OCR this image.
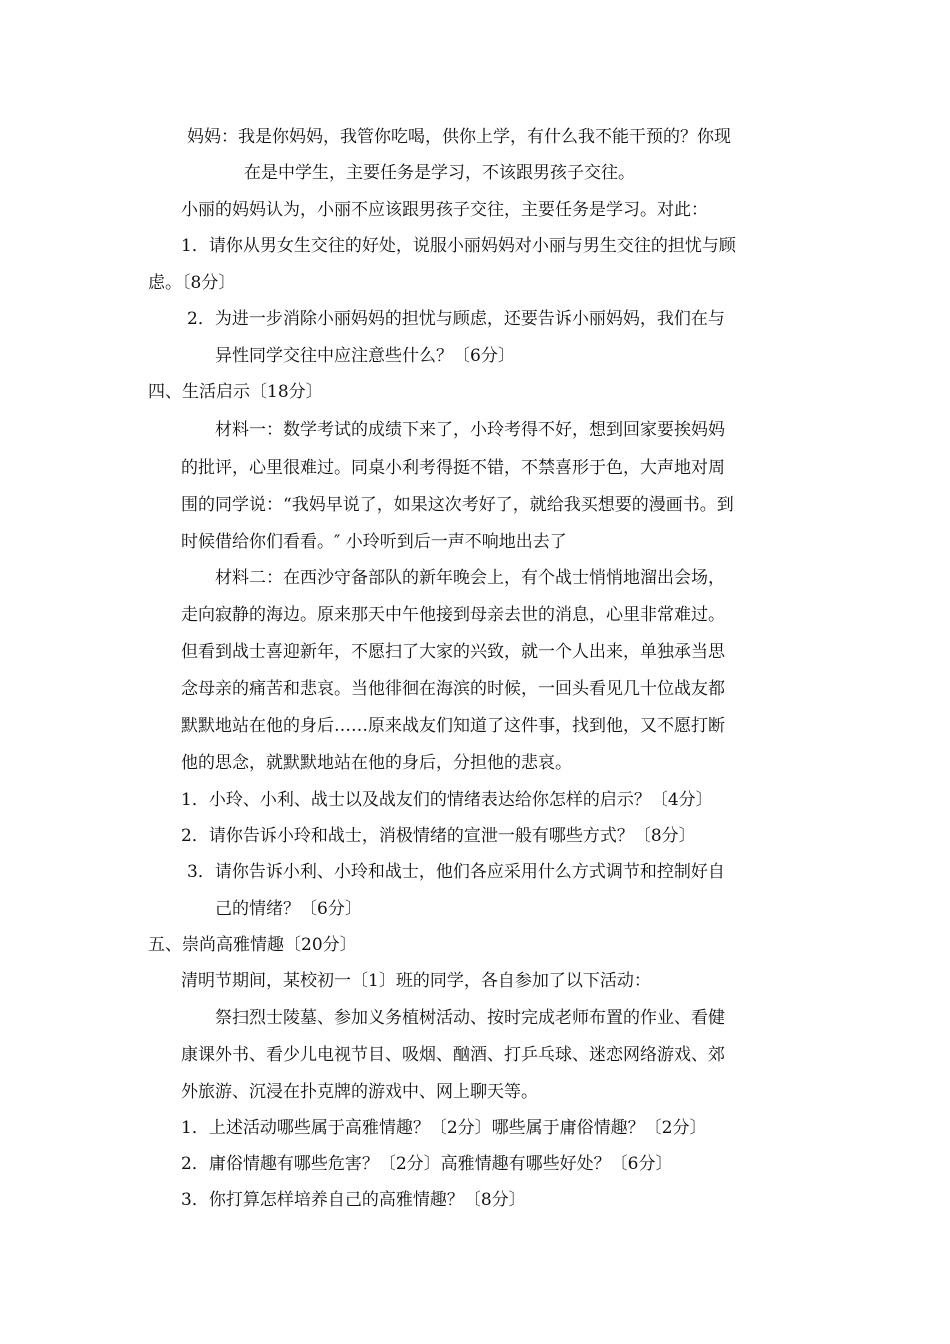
妈妈：我是你妈妈，我管你吃喝，供你上学，有什么我不能干预的？你现

在是中学生，主要任务是学习，不该跟男孩子交往。

小丽的妈妈认为，小丽不应该跟男孩子交往，主要任务是学习。对此：

1．请你从男女生交往的好处，说服小丽妈妈对小丽与男生交往的担忧与顾

虑。〔8分〕

2．为进一步消除小丽妈妈的担忧与顾虑，还要告诉小丽妈妈，我们在与

异性同学交往中应注意些什么？〔6分〕

四、生活启示〔18分〕

材料一：数学考试的成绩下来了，小玲考得不好，想到回家要挨妈妈

的批评，心里很难过。同桌小利考得挺不错，不禁喜形于色，大声地对周

围的同学说：“我妈早说了，如果这次考好了，就给我买想要的漫画书。到

时候借给你们看看。″ 小玲听到后一声不响地出去了

材料二：在西沙守备部队的新年晚会上，有个战士悄悄地溜出会场，

走向寂静的海边。原来那天中午他接到母亲去世的消息，心里非常难过。

但看到战士喜迎新年，不愿扫了大家的兴致，就一个人出来，单独承当思

念母亲的痛苦和悲哀。当他徘徊在海滨的时候，一回头看见几十位战友都

默默地站在他的身后……原来战友们知道了这件事，找到他，又不愿打断

他的思念，就默默地站在他的身后，分担他的悲哀。

1．小玲、小利、战士以及战友们的情绪表达给你怎样的启示？〔4分〕

2．请你告诉小玲和战士，消极情绪的宣泄一般有哪些方式？〔8分〕

3．请你告诉小利、小玲和战士，他们各应采用什么方式调节和控制好自

己的情绪？〔6分〕

五、崇尚高雅情趣〔20分〕

清明节期间，某校初一〔1〕班的同学，各自参加了以下活动：

祭扫烈士陵墓、参加义务植树活动、按时完成老师布置的作业、看健

康课外书、看少儿电视节目、吸烟、酗酒、打乒乓球、迷恋网络游戏、郊

外旅游、沉浸在扑克牌的游戏中、网上聊天等。

1．上述活动哪些属于高雅情趣？〔2分〕哪些属于庸俗情趣？〔2分〕

2．庸俗情趣有哪些危害？〔2分〕高雅情趣有哪些好处？〔6分〕

3．你打算怎样培养自己的高雅情趣？〔8分〕
